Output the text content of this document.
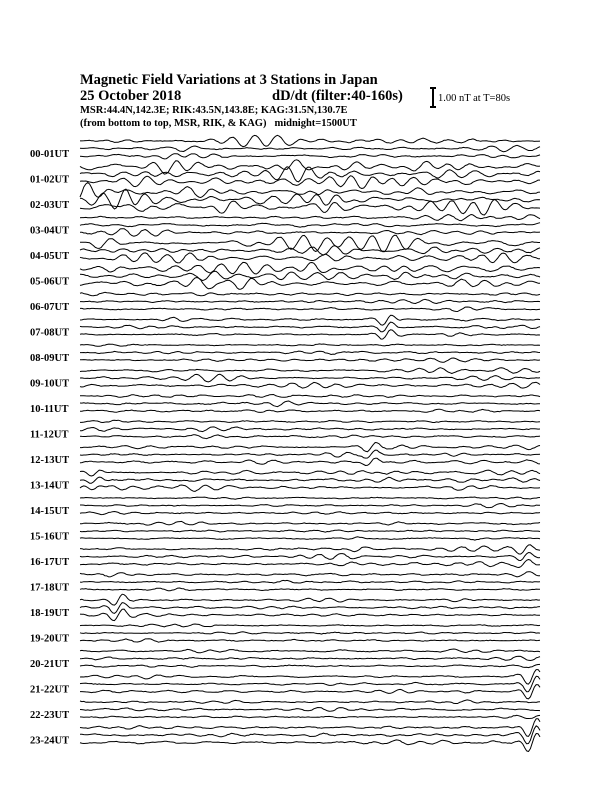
Magnetic Field Variations at 3 Stations in Japan
25 October 2018	dD/dt (filter:40-160s)
MSR:44.4N,142.3E; RIK:43.5N,143.8E; KAG:31.5N,130.7E
(from bottom to top, MSR, RIK, & KAG) midnight=1500UT
1.00 nT at T=80s
00-01UT
01-02UT
02-03UT
03-04UT
04-05UT
05-06UT
06-07UT
07-08UT
08-09UT
09-10UT
10-11UT
11-12UT
12-13UT
13-14UT
14-15UT
15-16UT
16-17UT
17-18UT
18-19UT
19-20UT
20-21UT
21-22UT
22-23UT
23-24UT
